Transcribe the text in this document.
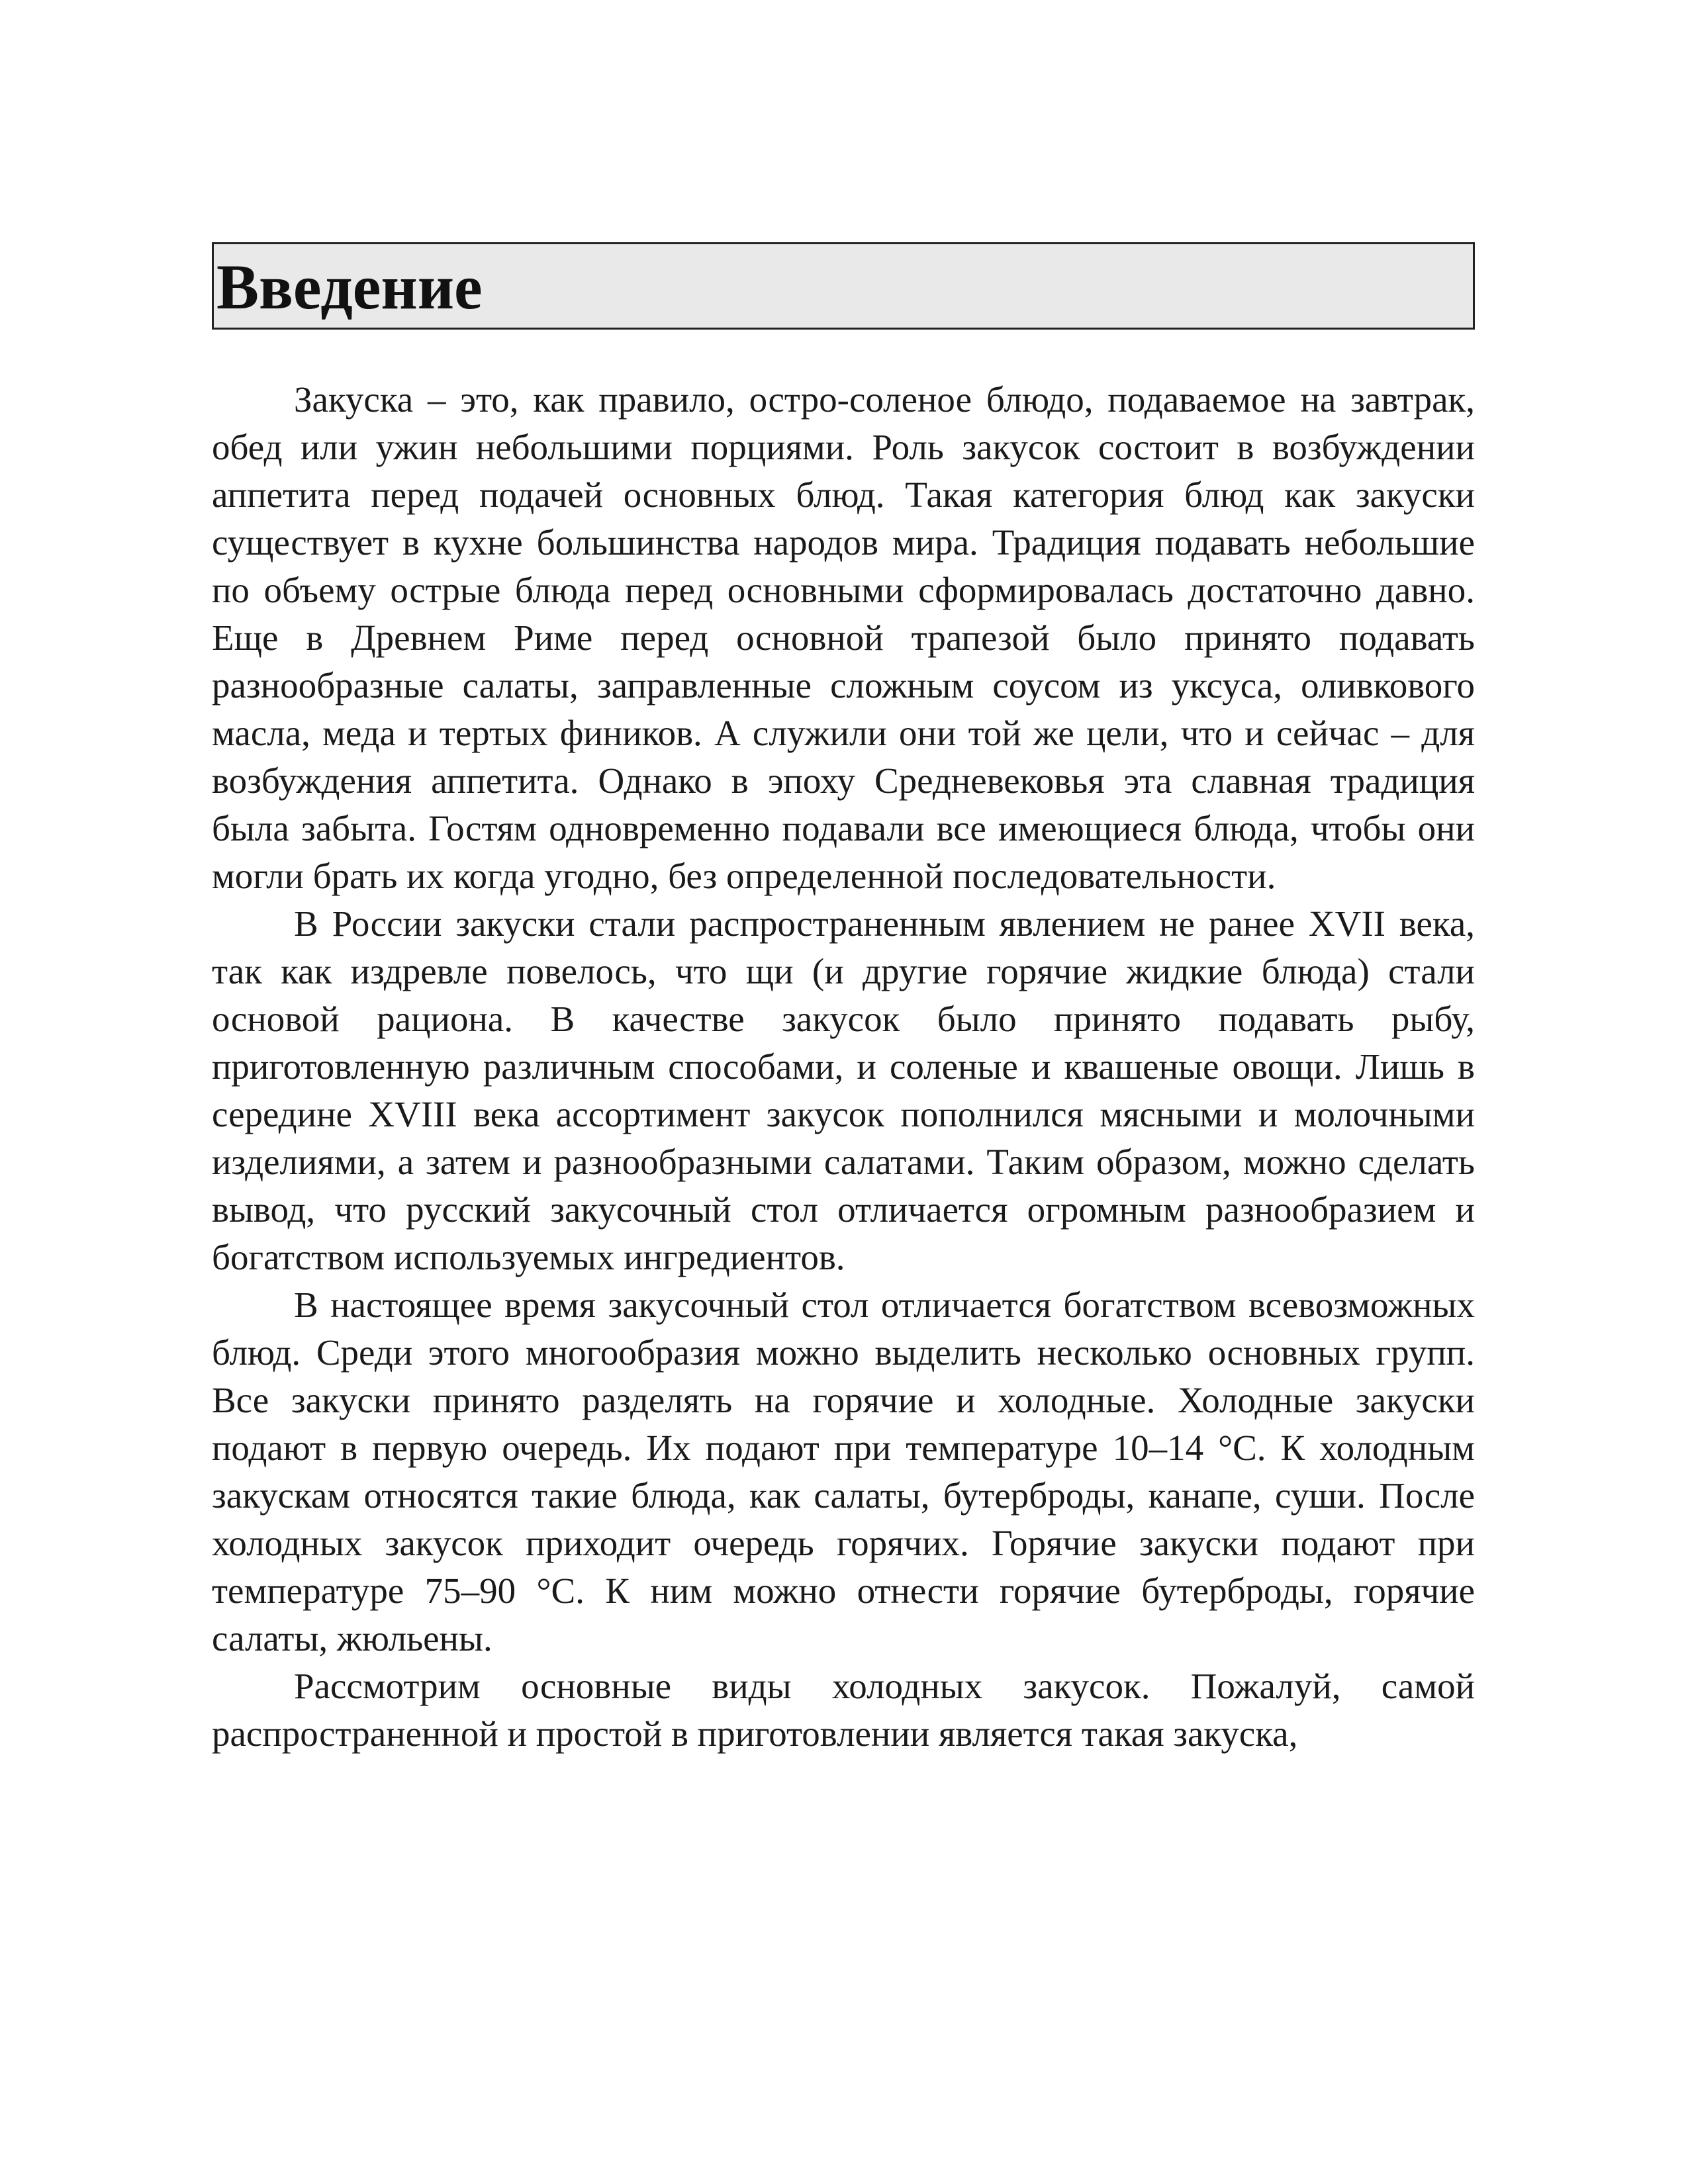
Введение

Закуска – это, как правило, остро-соленое блюдо, подаваемое на завтрак, обед или ужин небольшими порциями. Роль закусок состоит в возбуждении аппетита перед подачей основных блюд. Такая категория блюд как закуски существует в кухне большинства народов мира. Традиция подавать небольшие по объему острые блюда перед основными сформировалась достаточно давно. Еще в Древнем Риме перед основной трапезой было принято подавать разнообразные салаты, заправленные сложным соусом из уксуса, оливкового масла, меда и тертых фиников. А служили они той же цели, что и сейчас – для возбуждения аппетита. Однако в эпоху Средневековья эта славная традиция была забыта. Гостям одновременно подавали все имеющиеся блюда, чтобы они могли брать их когда угодно, без определенной последовательности.

В России закуски стали распространенным явлением не ранее XVII века, так как издревле повелось, что щи (и другие горячие жидкие блюда) стали основой рациона. В качестве закусок было принято подавать рыбу, приготовленную различным способами, и соленые и квашеные овощи. Лишь в середине XVIII века ассортимент закусок пополнился мясными и молочными изделиями, а затем и разнообразными салатами. Таким образом, можно сделать вывод, что русский закусочный стол отличается огромным разнообразием и богатством используемых ингредиентов.

В настоящее время закусочный стол отличается богатством всевозможных блюд. Среди этого многообразия можно выделить несколько основных групп. Все закуски принято разделять на горячие и холодные. Холодные закуски подают в первую очередь. Их подают при температуре 10–14 °С. К холодным закускам относятся такие блюда, как салаты, бутерброды, канапе, суши. После холодных закусок приходит очередь горячих. Горячие закуски подают при температуре 75–90 °С. К ним можно отнести горячие бутерброды, горячие салаты, жюльены.

Рассмотрим основные виды холодных закусок. Пожалуй, самой распространенной и простой в приготовлении является такая закуска,
